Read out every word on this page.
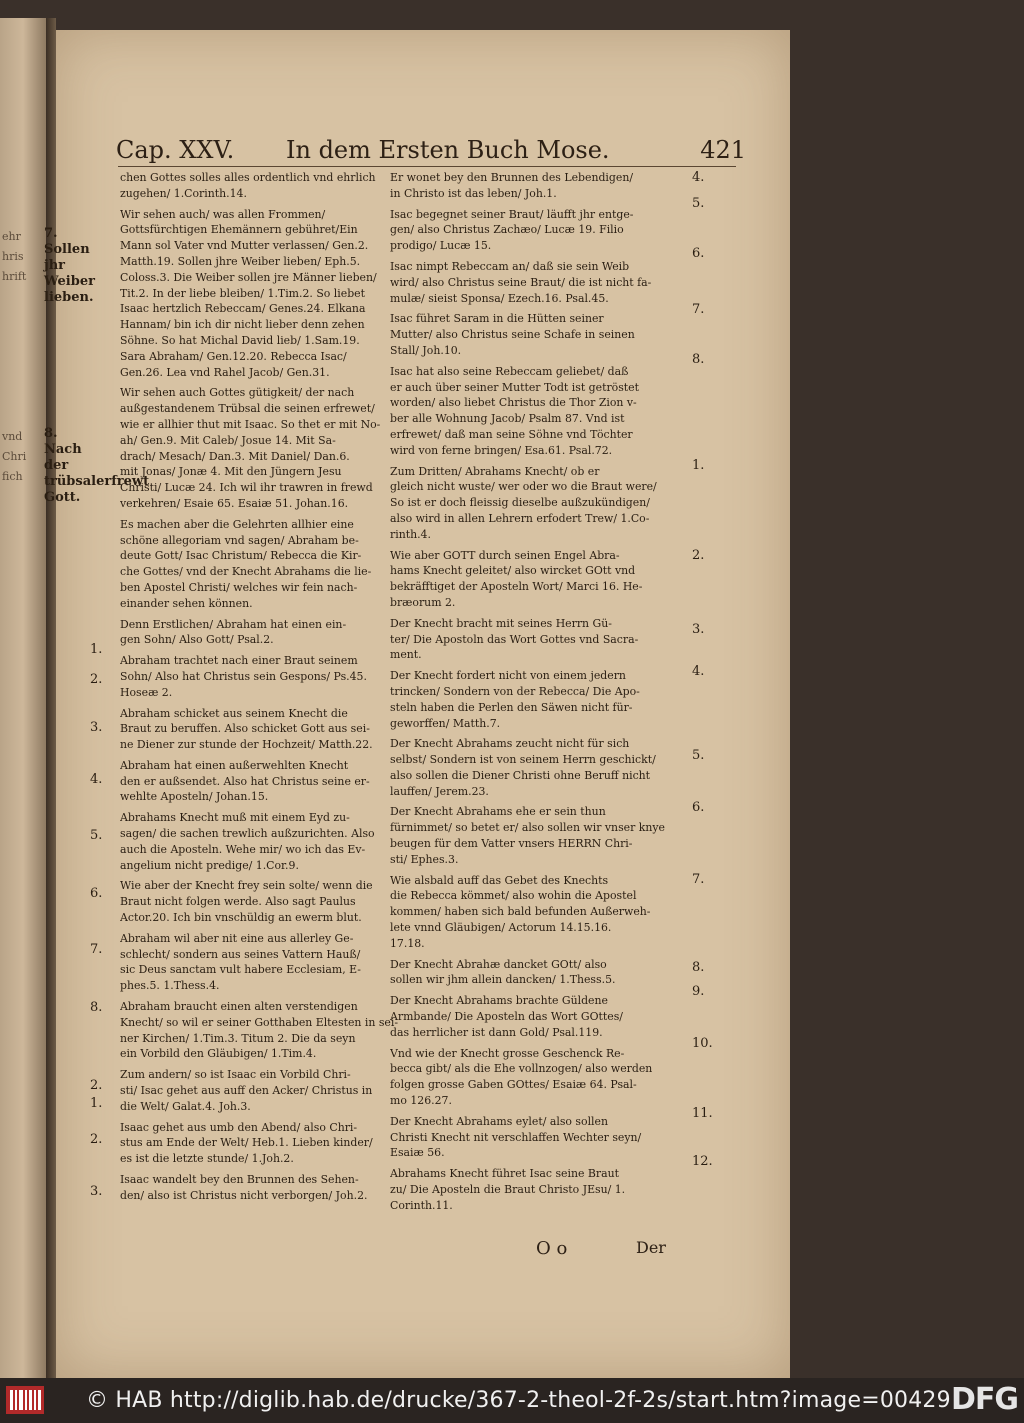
ehr
hris
hrift
vnd
Chri
fich
Cap. XXV. In dem Ersten Buch Mose.	421
7.
Sollen jhr Weiber lieben.
8.
Nach der trübsalerfrewt Gott.

chen Gottes solles alles ordentlich vnd ehrlich
zugehen/ 1.Corinth.14.

Wir sehen auch/ was allen Frommen/
Gottsfürchtigen Ehemännern gebühret/Ein
Mann sol Vater vnd Mutter verlassen/ Gen.2.
Matth.19. Sollen jhre Weiber lieben/ Eph.5.
Coloss.3. Die Weiber sollen jre Männer lieben/
Tit.2. In der liebe bleiben/ 1.Tim.2. So liebet
Isaac hertzlich Rebeccam/ Genes.24. Elkana
Hannam/ bin ich dir nicht lieber denn zehen
Söhne. So hat Michal David lieb/ 1.Sam.19.
Sara Abraham/ Gen.12.20. Rebecca Isac/
Gen.26. Lea vnd Rahel Jacob/ Gen.31.

Wir sehen auch Gottes gütigkeit/ der nach
außgestandenem Trübsal die seinen erfrewet/
wie er allhier thut mit Isaac. So thet er mit No-
ah/ Gen.9. Mit Caleb/ Josue 14. Mit Sa-
drach/ Mesach/ Dan.3. Mit Daniel/ Dan.6.
mit Jonas/ Jonæ 4. Mit den Jüngern Jesu
Christi/ Lucæ 24. Ich wil ihr trawren in frewd
verkehren/ Esaie 65. Esaiæ 51. Johan.16.

Es machen aber die Gelehrten allhier eine
schöne allegoriam vnd sagen/ Abraham be-
deute Gott/ Isac Christum/ Rebecca die Kir-
che Gottes/ vnd der Knecht Abrahams die lie-
ben Apostel Christi/ welches wir fein nach-
einander sehen können.

Denn Erstlichen/ Abraham hat einen ein-
gen Sohn/ Also Gott/ Psal.2.

Abraham trachtet nach einer Braut seinem
Sohn/ Also hat Christus sein Gespons/ Ps.45.
Hoseæ 2.

Abraham schicket aus seinem Knecht die
Braut zu beruffen. Also schicket Gott aus sei-
ne Diener zur stunde der Hochzeit/ Matth.22.

Abraham hat einen außerwehlten Knecht
den er außsendet. Also hat Christus seine er-
wehlte Aposteln/ Johan.15.

Abrahams Knecht muß mit einem Eyd zu-
sagen/ die sachen trewlich außzurichten. Also
auch die Aposteln. Wehe mir/ wo ich das Ev-
angelium nicht predige/ 1.Cor.9.

Wie aber der Knecht frey sein solte/ wenn die
Braut nicht folgen werde. Also sagt Paulus
Actor.20. Ich bin vnschüldig an ewerm blut.

Abraham wil aber nit eine aus allerley Ge-
schlecht/ sondern aus seines Vattern Hauß/
sic Deus sanctam vult habere Ecclesiam, E-
phes.5. 1.Thess.4.

Abraham braucht einen alten verstendigen
Knecht/ so wil er seiner Gotthaben Eltesten in sei-
ner Kirchen/ 1.Tim.3. Titum 2. Die da seyn
ein Vorbild den Gläubigen/ 1.Tim.4.

Zum andern/ so ist Isaac ein Vorbild Chri-
sti/ Isac gehet aus auff den Acker/ Christus in
die Welt/ Galat.4. Joh.3.

Isaac gehet aus umb den Abend/ also Chri-
stus am Ende der Welt/ Heb.1. Lieben kinder/
es ist die letzte stunde/ 1.Joh.2.

Isaac wandelt bey den Brunnen des Sehen-
den/ also ist Christus nicht verborgen/ Joh.2.

Er wonet bey den Brunnen des Lebendigen/
in Christo ist das leben/ Joh.1.

Isac begegnet seiner Braut/ läufft jhr entge-
gen/ also Christus Zachæo/ Lucæ 19. Filio
prodigo/ Lucæ 15.

Isac nimpt Rebeccam an/ daß sie sein Weib
wird/ also Christus seine Braut/ die ist nicht fa-
mulæ/ sieist Sponsa/ Ezech.16. Psal.45.

Isac führet Saram in die Hütten seiner
Mutter/ also Christus seine Schafe in seinen
Stall/ Joh.10.

Isac hat also seine Rebeccam geliebet/ daß
er auch über seiner Mutter Todt ist getröstet
worden/ also liebet Christus die Thor Zion v-
ber alle Wohnung Jacob/ Psalm 87. Vnd ist
erfrewet/ daß man seine Söhne vnd Töchter
wird von ferne bringen/ Esa.61. Psal.72.

Zum Dritten/ Abrahams Knecht/ ob er
gleich nicht wuste/ wer oder wo die Braut were/
So ist er doch fleissig dieselbe außzukündigen/
also wird in allen Lehrern erfodert Trew/ 1.Co-
rinth.4.

Wie aber GOTT durch seinen Engel Abra-
hams Knecht geleitet/ also wircket GOtt vnd
bekräfftiget der Aposteln Wort/ Marci 16. He-
bræorum 2.

Der Knecht bracht mit seines Herrn Gü-
ter/ Die Apostoln das Wort Gottes vnd Sacra-
ment.

Der Knecht fordert nicht von einem jedern
trincken/ Sondern von der Rebecca/ Die Apo-
steln haben die Perlen den Säwen nicht für-
geworffen/ Matth.7.

Der Knecht Abrahams zeucht nicht für sich
selbst/ Sondern ist von seinem Herrn geschickt/
also sollen die Diener Christi ohne Beruff nicht
lauffen/ Jerem.23.

Der Knecht Abrahams ehe er sein thun
fürnimmet/ so betet er/ also sollen wir vnser knye
beugen für dem Vatter vnsers HERRN Chri-
sti/ Ephes.3.

Wie alsbald auff das Gebet des Knechts
die Rebecca kömmet/ also wohin die Apostel
kommen/ haben sich bald befunden Außerweh-
lete vnnd Gläubigen/ Actorum 14.15.16.
17.18.

Der Knecht Abrahæ dancket GOtt/ also
sollen wir jhm allein dancken/ 1.Thess.5.

Der Knecht Abrahams brachte Güldene
Armbande/ Die Aposteln das Wort GOttes/
das herrlicher ist dann Gold/ Psal.119.

Vnd wie der Knecht grosse Geschenck Re-
becca gibt/ als die Ehe vollnzogen/ also werden
folgen grosse Gaben GOttes/ Esaiæ 64. Psal-
mo 126.27.

Der Knecht Abrahams eylet/ also sollen
Christi Knecht nit verschlaffen Wechter seyn/
Esaiæ 56.

Abrahams Knecht führet Isac seine Braut
zu/ Die Aposteln die Braut Christo JEsu/ 1.
Corinth.11.

1.
2.
3.
4.
5.
6.
7.
8.
2.
1.
2.
3.
4.
5.
6.
7.
8.
1.
2.
3.
4.
5.
6.
7.
8.
9.
10.
11.
12.
O o	Der
© HAB http://diglib.hab.de/drucke/367-2-theol-2f-2s/start.htm?image=00429 DFG
